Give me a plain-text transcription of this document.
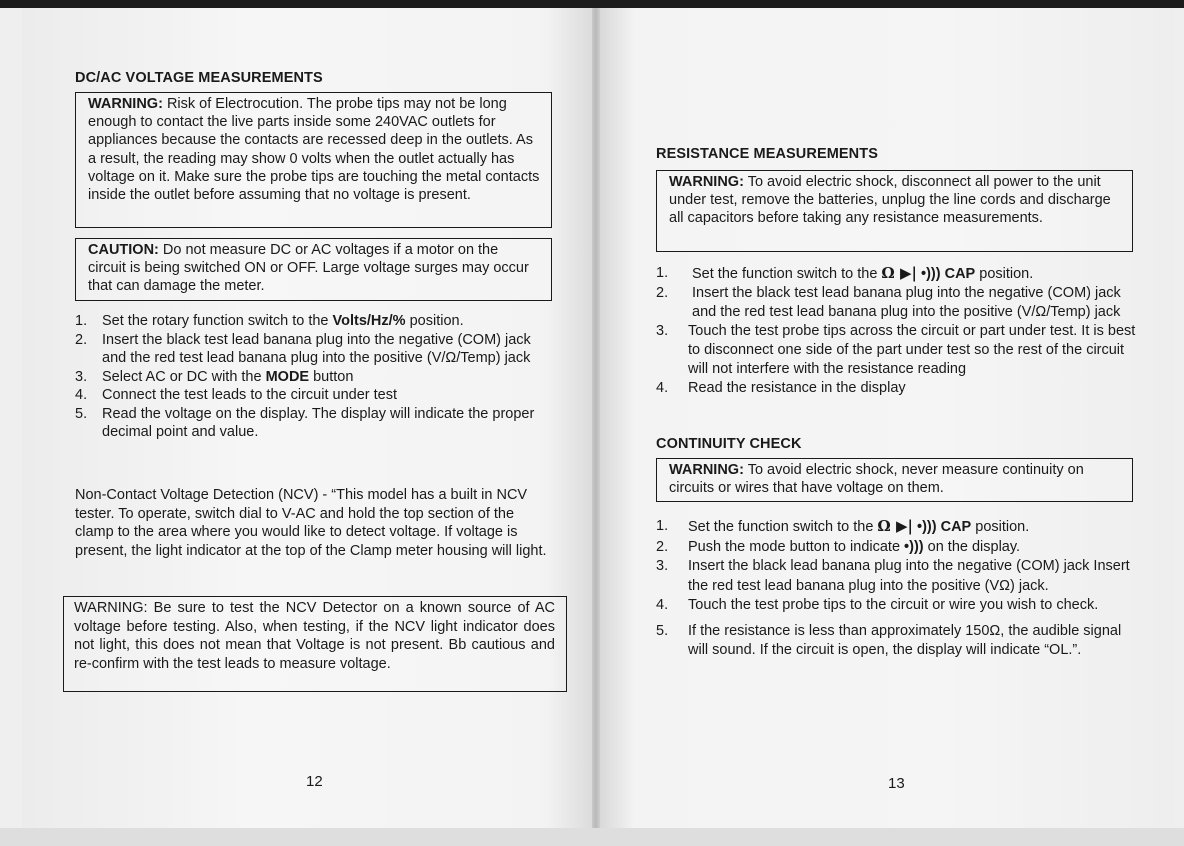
DC/AC VOLTAGE MEASUREMENTS
WARNING: Risk of Electrocution. The probe tips may not be long enough to contact the live parts inside some 240VAC outlets for appliances because the contacts are recessed deep in the outlets. As a result, the reading may show 0 volts when the outlet actually has voltage on it. Make sure the probe tips are touching the metal contacts inside the outlet before assuming that no voltage is present.
CAUTION: Do not measure DC or AC voltages if a motor on the circuit is being switched ON or OFF. Large voltage surges may occur that can damage the meter.
1. Set the rotary function switch to the Volts/Hz/% position.
2. Insert the black test lead banana plug into the negative (COM) jack and the red test lead banana plug into the positive (V/Ω/Temp) jack
3. Select AC or DC with the MODE button
4. Connect the test leads to the circuit under test
5. Read the voltage on the display. The display will indicate the proper decimal point and value.
Non-Contact Voltage Detection (NCV) - “This model has a built in NCV tester. To operate, switch dial to V-AC and hold the top section of the clamp to the area where you would like to detect voltage. If voltage is present, the light indicator at the top of the Clamp meter housing will light.
WARNING: Be sure to test the NCV Detector on a known source of AC voltage before testing. Also, when testing, if the NCV light indicator does not light, this does not mean that Voltage is not present. Bb cautious and re-confirm with the test leads to measure voltage.
12
RESISTANCE MEASUREMENTS
WARNING: To avoid electric shock, disconnect all power to the unit under test, remove the batteries, unplug the line cords and discharge all capacitors before taking any resistance measurements.
1. Set the function switch to the Ω ▶| •))) CAP position.
2. Insert the black test lead banana plug into the negative (COM) jack and the red test lead banana plug into the positive (V/Ω/Temp) jack
3. Touch the test probe tips across the circuit or part under test. It is best to disconnect one side of the part under test so the rest of the circuit will not interfere with the resistance reading
4. Read the resistance in the display
CONTINUITY CHECK
WARNING: To avoid electric shock, never measure continuity on circuits or wires that have voltage on them.
1. Set the function switch to the Ω ▶| •))) CAP position.
2. Push the mode button to indicate •))) on the display.
3. Insert the black lead banana plug into the negative (COM) jack Insert the red test lead banana plug into the positive (VΩ) jack.
4. Touch the test probe tips to the circuit or wire you wish to check.
5. If the resistance is less than approximately 150Ω, the audible signal will sound. If the circuit is open, the display will indicate “OL.”.
13
